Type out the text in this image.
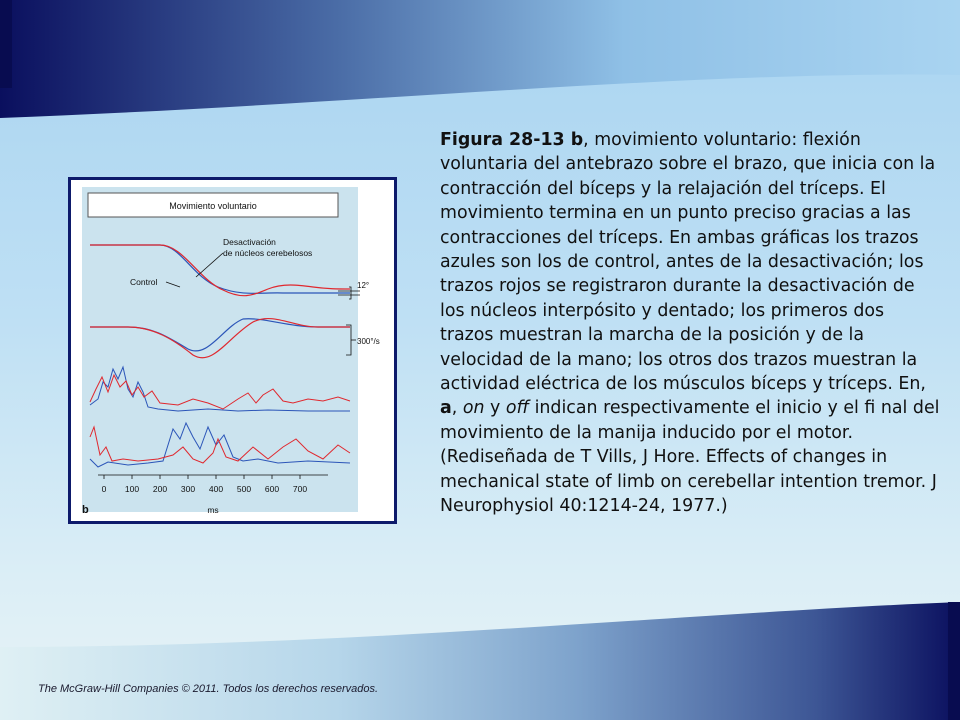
Figura 28-13 b, movimiento voluntario: flexión voluntaria del antebrazo sobre el brazo, que inicia con la contracción del bíceps y la relajación del tríceps. El movimiento termina en un punto preciso gracias a las contracciones del tríceps. En ambas gráficas los trazos azules son los de control, antes de la desactivación; los trazos rojos se registraron durante la desactivación de los núcleos interpósito y dentado; los primeros dos trazos muestran la marcha de la posición y de la velocidad de la mano; los otros dos trazos muestran la actividad eléctrica de los músculos bíceps y tríceps. En, a, on y off indican respectivamente el inicio y el fi nal del movimiento de la manija inducido por el motor. (Rediseñada de T Vills, J Hore. Effects of changes in mechanical state of limb on cerebellar intention tremor. J Neurophysiol 40:1214-24, 1977.)
Movimiento voluntario
Desactivación
de núcleos cerebelosos
Control	12°
300°/s
0 100 200 300 400 500 600 700
b	ms
The McGraw-Hill Companies © 2011. Todos los derechos reservados.
